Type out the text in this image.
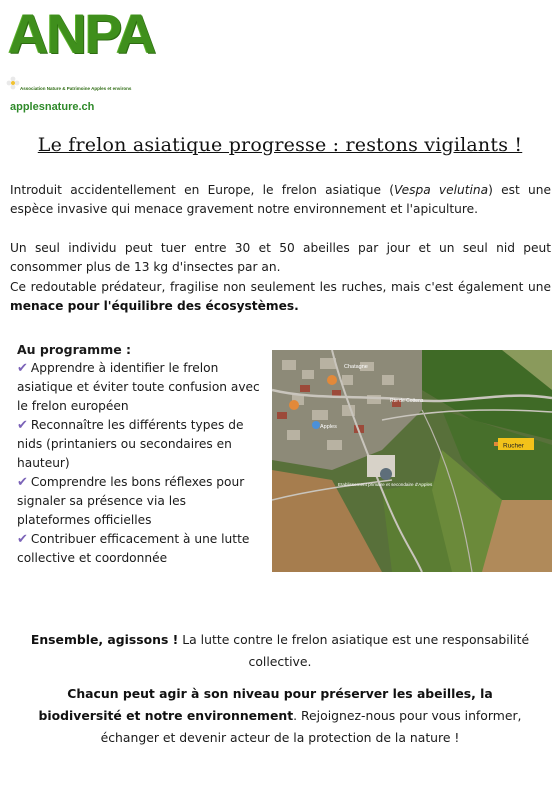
ANPA
Association Nature & Patrimoine Apples et environs
applesnature.ch
Le frelon asiatique progresse : restons vigilants !
Introduit accidentellement en Europe, le frelon asiatique (Vespa velutina) est une espèce invasive qui menace gravement notre environnement et l'apiculture.
Un seul individu peut tuer entre 30 et 50 abeilles par jour et un seul nid peut consommer plus de 13 kg d'insectes par an.
Ce redoutable prédateur, fragilise non seulement les ruches, mais c'est également une menace pour l'équilibre des écosystèmes.
Au programme :
✔ Apprendre à identifier le frelon asiatique et éviter toute confusion avec le frelon européen
✔ Reconnaître les différents types de nids (printaniers ou secondaires en hauteur)
✔ Comprendre les bons réflexes pour signaler sa présence via les plateformes officielles
✔ Contribuer efficacement à une lutte collective et coordonnée
Rucher
Chatagne
Apples
Rte de Cottens
Etablissement primaire et secondaire d'Apples
Ensemble, agissons ! La lutte contre le frelon asiatique est une responsabilité collective.
Chacun peut agir à son niveau pour préserver les abeilles, la biodiversité et notre environnement. Rejoignez-nous pour vous informer, échanger et devenir acteur de la protection de la nature !
